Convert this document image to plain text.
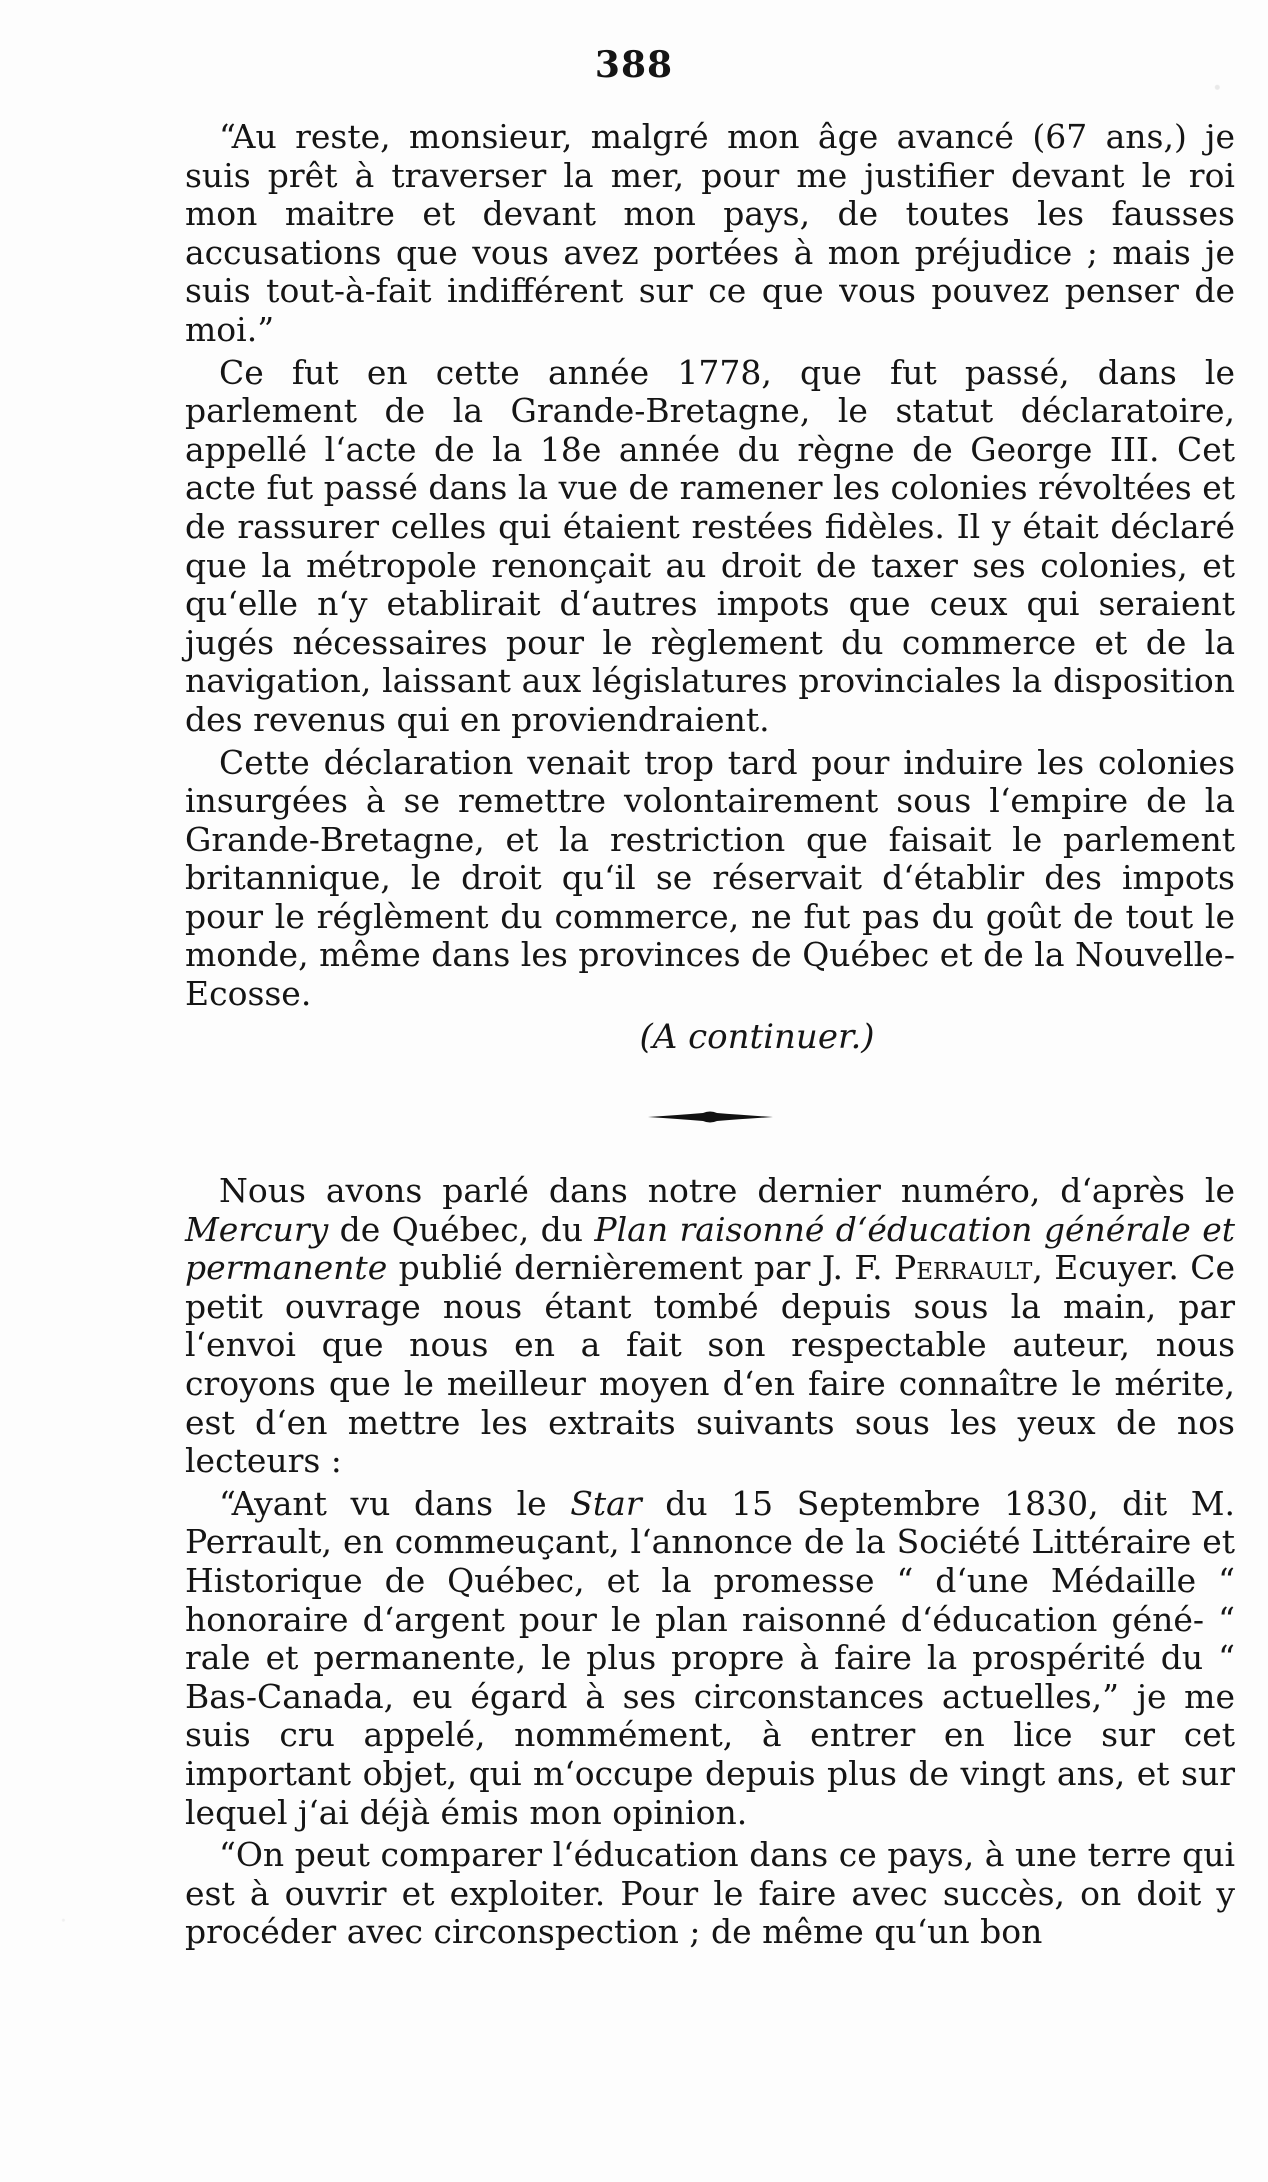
388

“Au reste, monsieur, malgré mon âge avancé (67 ans,) je suis prêt à traverser la mer, pour me justifier devant le roi mon maitre et devant mon pays, de toutes les fausses accusations que vous avez portées à mon préjudice ; mais je suis tout-à-fait indifférent sur ce que vous pouvez penser de moi.”

Ce fut en cette année 1778, que fut passé, dans le parlement de la Grande-Bretagne, le statut déclaratoire, appellé l‘acte de la 18e année du règne de George III. Cet acte fut passé dans la vue de ramener les colonies révoltées et de rassurer celles qui étaient restées fidèles. Il y était déclaré que la métropole renonçait au droit de taxer ses colonies, et qu‘elle n‘y etablirait d‘autres impots que ceux qui seraient jugés nécessaires pour le règlement du commerce et de la navigation, laissant aux législatures provinciales la disposition des revenus qui en proviendraient.

Cette déclaration venait trop tard pour induire les colonies insurgées à se remettre volontairement sous l‘empire de la Grande-Bretagne, et la restriction que faisait le parlement britannique, le droit qu‘il se réservait d‘établir des impots pour le réglèment du commerce, ne fut pas du goût de tout le monde, même dans les provinces de Québec et de la Nouvelle-Ecosse.

(A continuer.)

Nous avons parlé dans notre dernier numéro, d‘après le Mercury de Québec, du Plan raisonné d‘éducation générale et permanente publié dernièrement par J. F. Perrault, Ecuyer. Ce petit ouvrage nous étant tombé depuis sous la main, par l‘envoi que nous en a fait son respectable auteur, nous croyons que le meilleur moyen d‘en faire connaître le mérite, est d‘en mettre les extraits suivants sous les yeux de nos lecteurs :

“Ayant vu dans le Star du 15 Septembre 1830, dit M. Perrault, en commeuçant, l‘annonce de la Société Littéraire et Historique de Québec, et la promesse “ d‘une Médaille “ honoraire d‘argent pour le plan raisonné d‘éducation géné- “ rale et permanente, le plus propre à faire la prospérité du “ Bas-Canada, eu égard à ses circonstances actuelles,” je me suis cru appelé, nommément, à entrer en lice sur cet important objet, qui m‘occupe depuis plus de vingt ans, et sur lequel j‘ai déjà émis mon opinion.

“On peut comparer l‘éducation dans ce pays, à une terre qui est à ouvrir et exploiter. Pour le faire avec succès, on doit y procéder avec circonspection ; de même qu‘un bon
